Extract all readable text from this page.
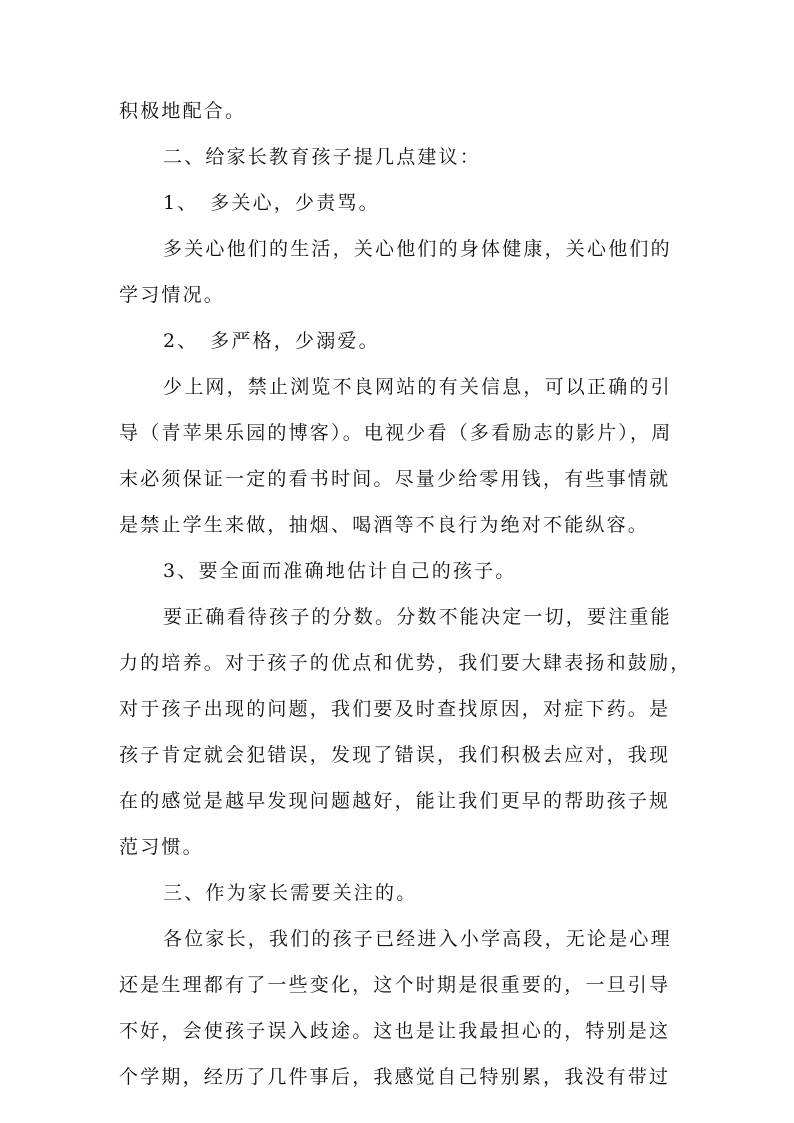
积极地配合。
二、给家长教育孩子提几点建议：
1、　多关心，少责骂。
多关心他们的生活，关心他们的身体健康，关心他们的
学习情况。
2、　多严格，少溺爱。
少上网，禁止浏览不良网站的有关信息，可以正确的引
导（青苹果乐园的博客）。电视少看（多看励志的影片），周
末必须保证一定的看书时间。尽量少给零用钱，有些事情就
是禁止学生来做，抽烟、喝酒等不良行为绝对不能纵容。
3、要全面而准确地估计自己的孩子。
要正确看待孩子的分数。分数不能决定一切，要注重能
力的培养。对于孩子的优点和优势，我们要大肆表扬和鼓励，
对于孩子出现的问题，我们要及时查找原因，对症下药。是
孩子肯定就会犯错误，发现了错误，我们积极去应对，我现
在的感觉是越早发现问题越好，能让我们更早的帮助孩子规
范习惯。
三、作为家长需要关注的。
各位家长，我们的孩子已经进入小学高段，无论是心理
还是生理都有了一些变化，这个时期是很重要的，一旦引导
不好，会使孩子误入歧途。这也是让我最担心的，特别是这
个学期，经历了几件事后，我感觉自己特别累，我没有带过
